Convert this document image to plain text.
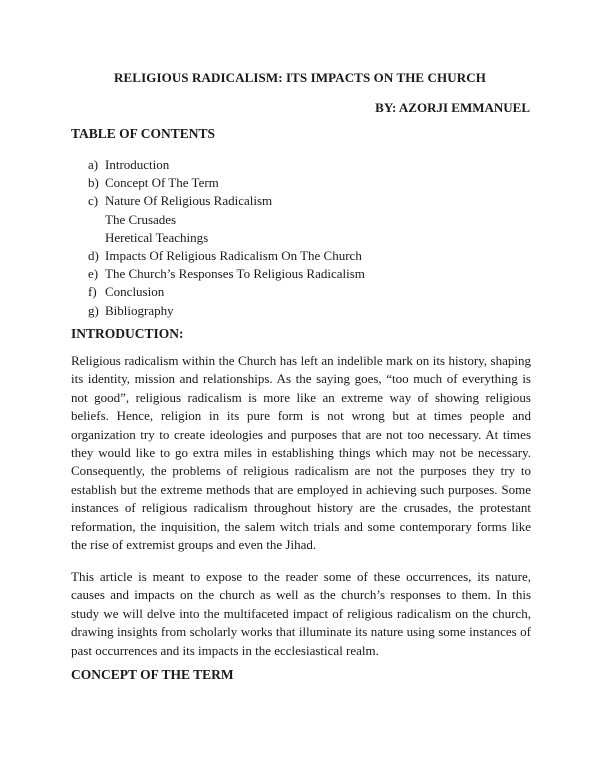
RELIGIOUS RADICALISM: ITS IMPACTS ON THE CHURCH
BY: AZORJI EMMANUEL
TABLE OF CONTENTS
a) Introduction
b) Concept Of The Term
c) Nature Of Religious Radicalism
The Crusades
Heretical Teachings
d) Impacts Of Religious Radicalism On The Church
e) The Church’s Responses To Religious Radicalism
f) Conclusion
g) Bibliography
INTRODUCTION:

Religious radicalism within the Church has left an indelible mark on its history, shaping its identity, mission and relationships. As the saying goes, “too much of everything is not good”, religious radicalism is more like an extreme way of showing religious beliefs. Hence, religion in its pure form is not wrong but at times people and organization try to create ideologies and purposes that are not too necessary. At times they would like to go extra miles in establishing things which may not be necessary. Consequently, the problems of religious radicalism are not the purposes they try to establish but the extreme methods that are employed in achieving such purposes. Some instances of religious radicalism throughout history are the crusades, the protestant reformation, the inquisition, the salem witch trials and some contemporary forms like the rise of extremist groups and even the Jihad.

This article is meant to expose to the reader some of these occurrences, its nature, causes and impacts on the church as well as the church’s responses to them. In this study we will delve into the multifaceted impact of religious radicalism on the church, drawing insights from scholarly works that illuminate its nature using some instances of past occurrences and its impacts in the ecclesiastical realm.

CONCEPT OF THE TERM
